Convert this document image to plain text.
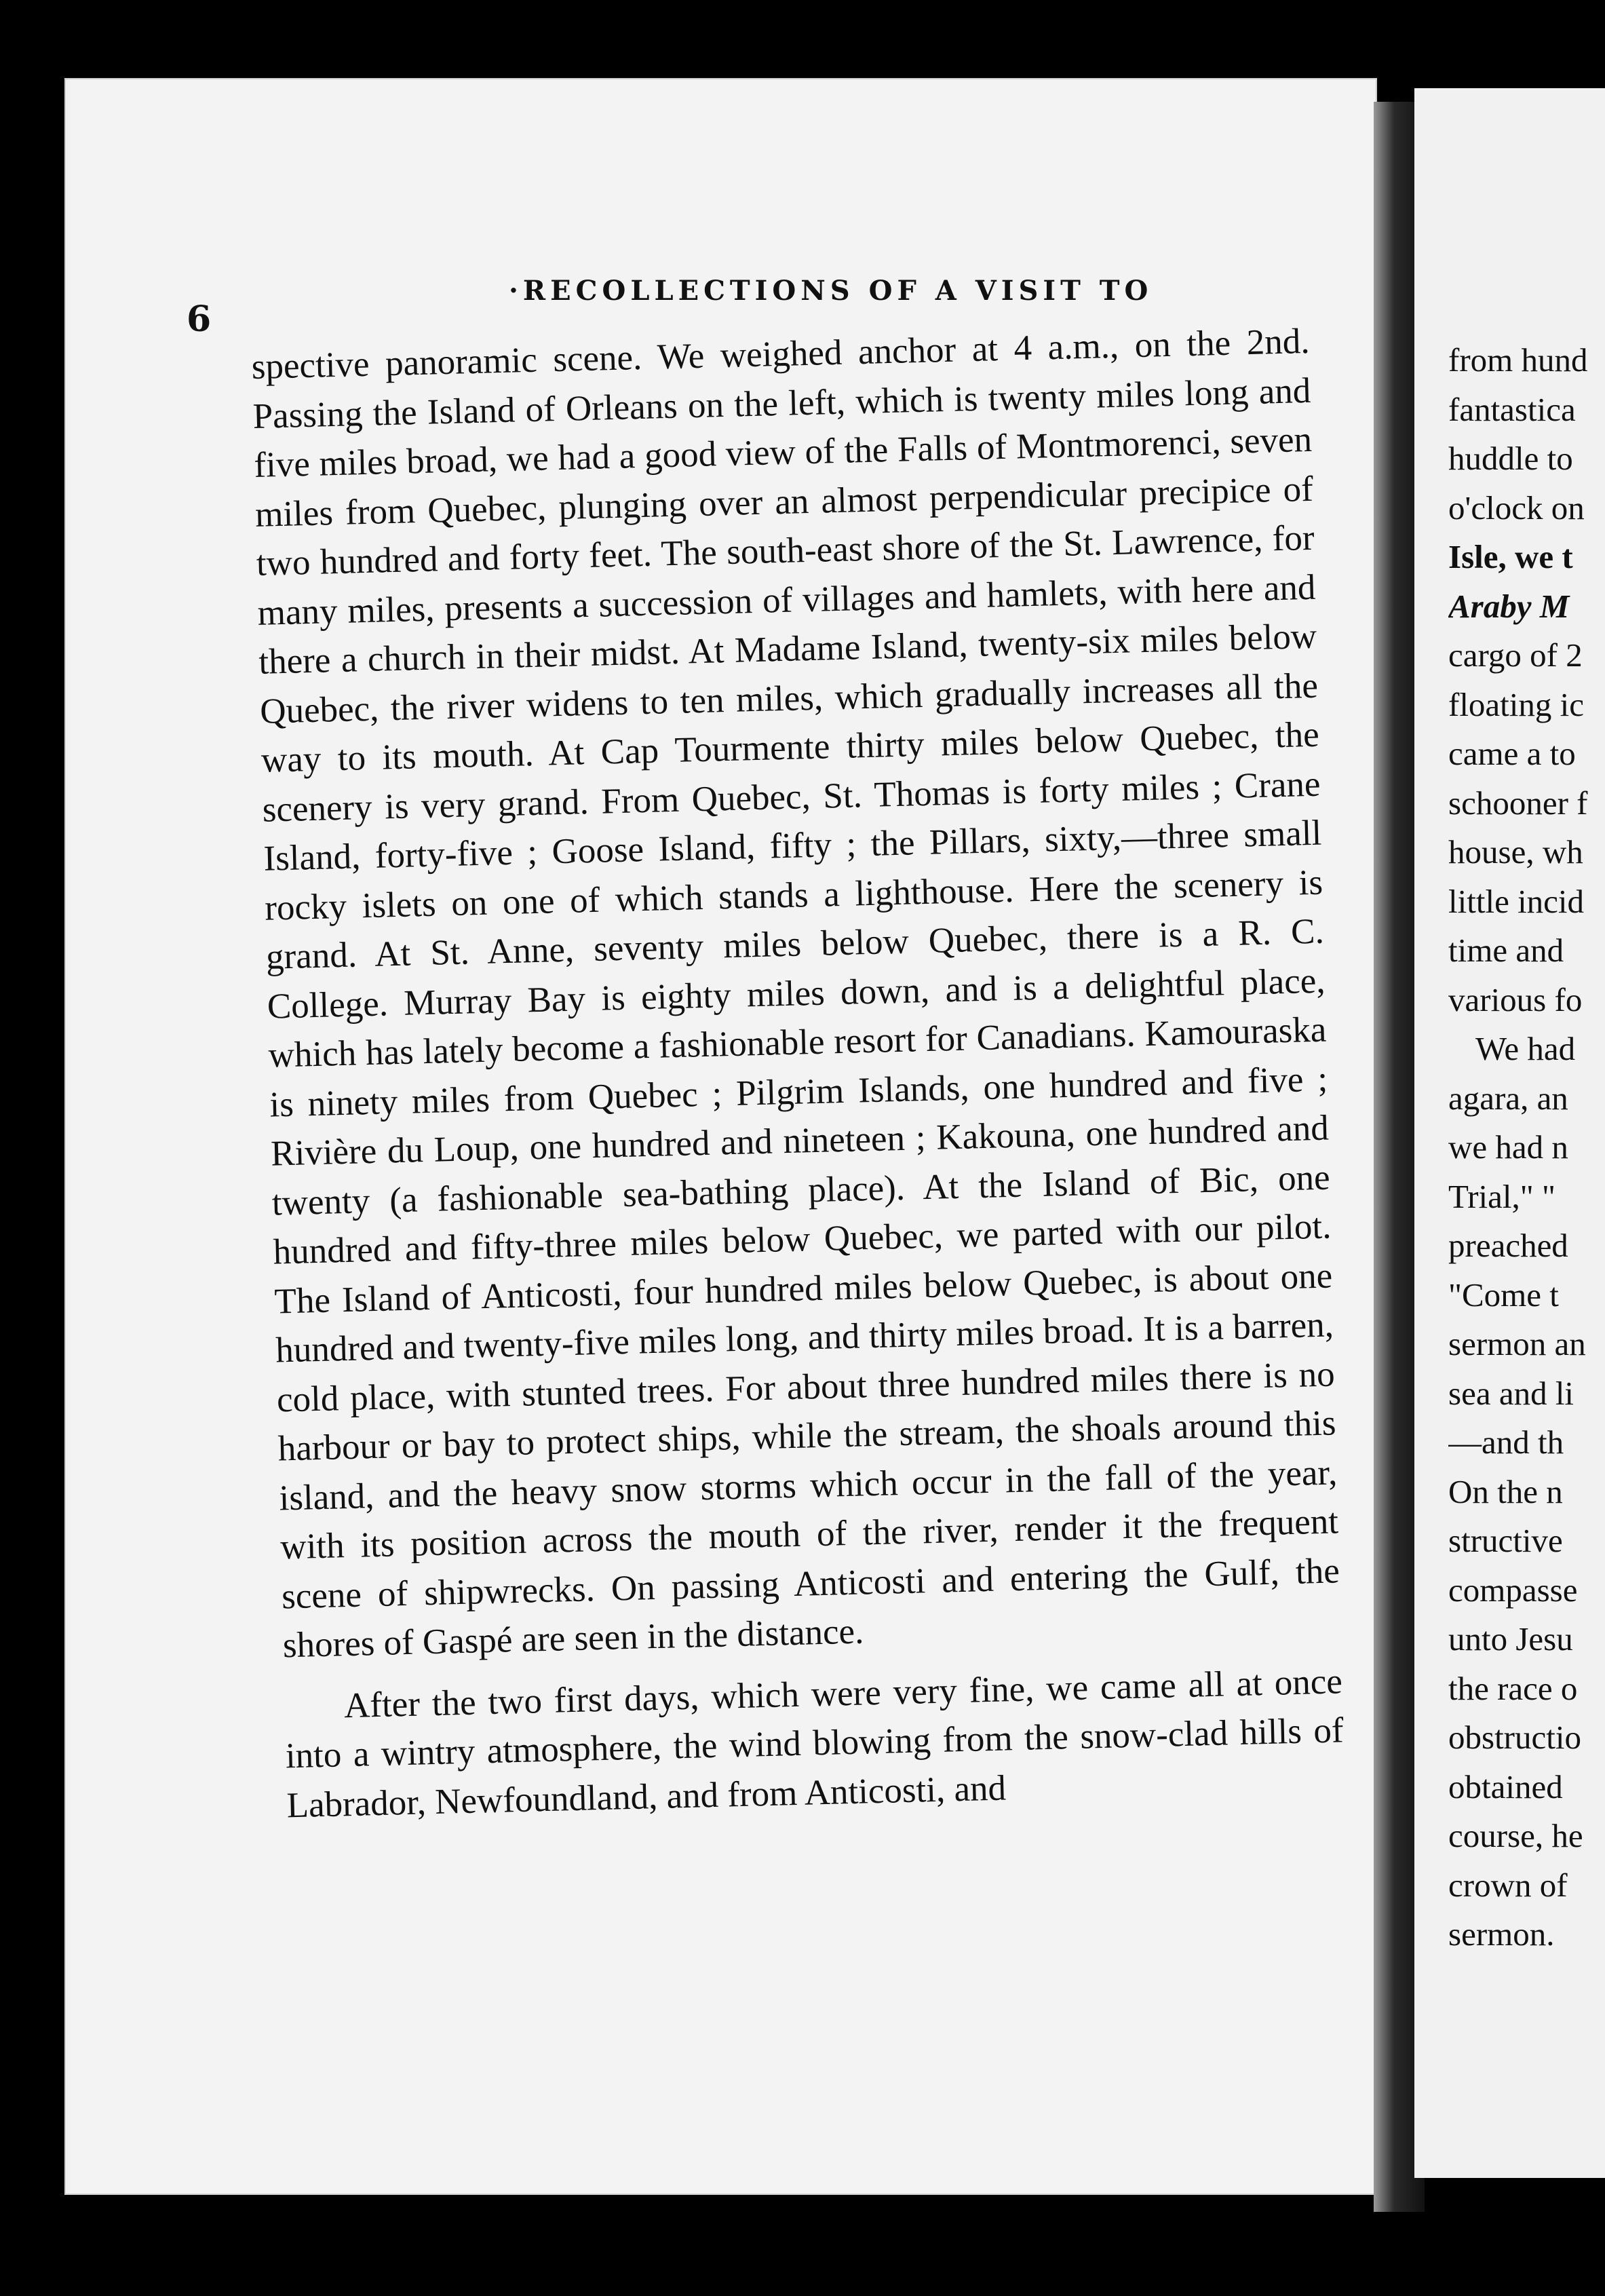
6
·RECOLLECTIONS OF A VISIT TO

spective panoramic scene. We weighed anchor at 4 a.m., on the 2nd. Passing the Island of Orleans on the left, which is twenty miles long and five miles broad, we had a good view of the Falls of Montmorenci, seven miles from Quebec, plunging over an almost perpendicular precipice of two hundred and forty feet. The south-east shore of the St. Lawrence, for many miles, presents a succession of villages and hamlets, with here and there a church in their midst. At Madame Island, twenty-six miles below Quebec, the river widens to ten miles, which gradually increases all the way to its mouth. At Cap Tourmente thirty miles below Quebec, the scenery is very grand. From Quebec, St. Thomas is forty miles ; Crane Island, forty-five ; Goose Island, fifty ; the Pillars, sixty,—three small rocky islets on one of which stands a lighthouse. Here the scenery is grand. At St. Anne, seventy miles below Quebec, there is a R. C. College. Murray Bay is eighty miles down, and is a delightful place, which has lately become a fashionable resort for Canadians. Kamouraska is ninety miles from Quebec ; Pilgrim Islands, one hundred and five ; Rivière du Loup, one hundred and nineteen ; Kakouna, one hundred and twenty (a fashionable sea-bathing place). At the Island of Bic, one hundred and fifty-three miles below Quebec, we parted with our pilot. The Island of Anticosti, four hundred miles below Quebec, is about one hundred and twenty-five miles long, and thirty miles broad. It is a barren, cold place, with stunted trees. For about three hundred miles there is no harbour or bay to protect ships, while the stream, the shoals around this island, and the heavy snow storms which occur in the fall of the year, with its position across the mouth of the river, render it the frequent scene of shipwrecks. On passing Anticosti and entering the Gulf, the shores of Gaspé are seen in the distance.

After the two first days, which were very fine, we came all at once into a wintry atmosphere, the wind blowing from the snow-clad hills of Labrador, Newfoundland, and from Anticosti, and

from hund
fantastica
huddle to
o'clock on
Isle, we t
Araby M
cargo of 2
floating ic
came a to
schooner f
house, wh
little incid
time and
various fo
We had
agara, an
we had n
Trial," "
preached
"Come t
sermon an
sea and li
—and th
On the n
structive
compasse
unto Jesu
the race o
obstructio
obtained
course, he
crown of
sermon.
